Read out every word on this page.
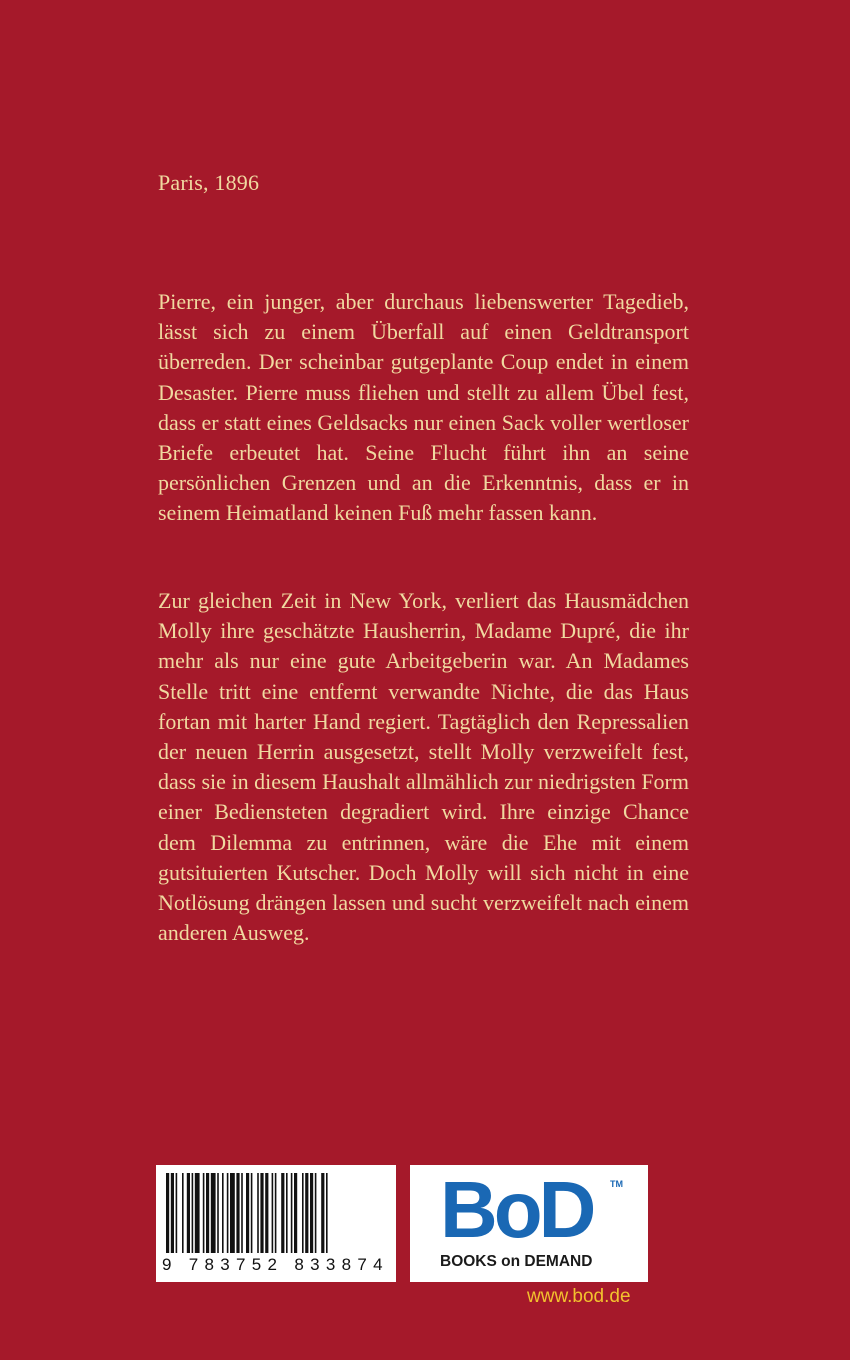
Paris, 1896

Pierre, ein junger, aber durchaus liebenswerter Tagedieb, lässt sich zu einem Überfall auf einen Geldtransport überreden. Der scheinbar gutgeplante Coup endet in einem Desaster. Pierre muss fliehen und stellt zu allem Übel fest, dass er statt eines Geldsacks nur einen Sack voller wertloser Briefe erbeutet hat. Seine Flucht führt ihn an seine persönlichen Grenzen und an die Erkenntnis, dass er in seinem Heimatland keinen Fuß mehr fassen kann.

Zur gleichen Zeit in New York, verliert das Hausmädchen Molly ihre geschätzte Hausherrin, Madame Dupré, die ihr mehr als nur eine gute Arbeitgeberin war. An Madames Stelle tritt eine entfernt verwandte Nichte, die das Haus fortan mit harter Hand regiert. Tagtäglich den Repressalien der neuen Herrin ausgesetzt, stellt Molly verzweifelt fest, dass sie in diesem Haushalt allmählich zur niedrigsten Form einer Bediensteten degradiert wird. Ihre einzige Chance dem Dilemma zu entrinnen, wäre die Ehe mit einem gutsituierten Kutscher. Doch Molly will sich nicht in eine Notlösung drängen lassen und sucht verzweifelt nach einem anderen Ausweg.

9 783752 833874
BoD TM
BOOKS on DEMAND
www.bod.de
